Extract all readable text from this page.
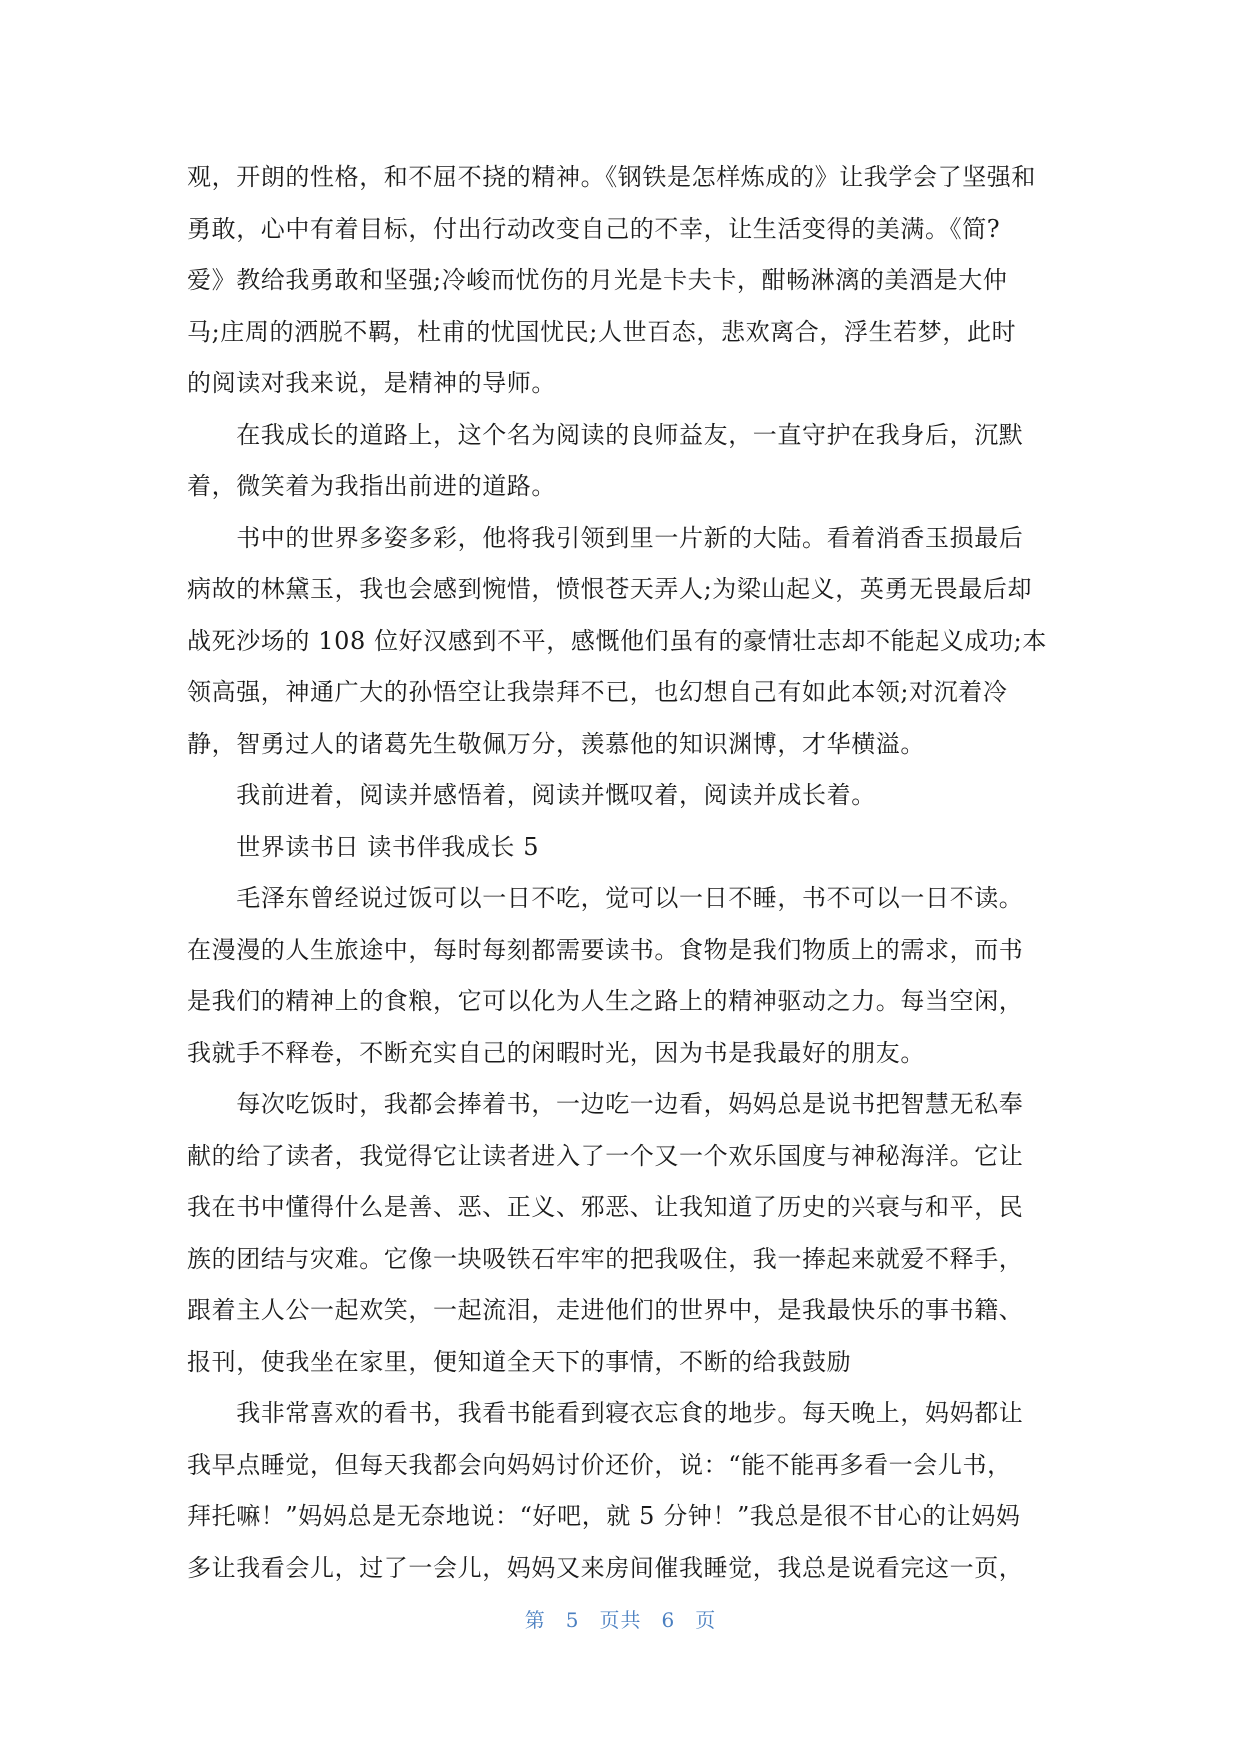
观，开朗的性格，和不屈不挠的精神。《钢铁是怎样炼成的》让我学会了坚强和
勇敢，心中有着目标，付出行动改变自己的不幸，让生活变得的美满。《简?
爱》教给我勇敢和坚强;冷峻而忧伤的月光是卡夫卡，酣畅淋漓的美酒是大仲
马;庄周的洒脱不羁，杜甫的忧国忧民;人世百态，悲欢离合，浮生若梦，此时
的阅读对我来说，是精神的导师。
　　在我成长的道路上，这个名为阅读的良师益友，一直守护在我身后，沉默
着，微笑着为我指出前进的道路。
　　书中的世界多姿多彩，他将我引领到里一片新的大陆。看着消香玉损最后
病故的林黛玉，我也会感到惋惜，愤恨苍天弄人;为梁山起义，英勇无畏最后却
战死沙场的 108 位好汉感到不平，感慨他们虽有的豪情壮志却不能起义成功;本
领高强，神通广大的孙悟空让我崇拜不已，也幻想自己有如此本领;对沉着冷
静，智勇过人的诸葛先生敬佩万分，羡慕他的知识渊博，才华横溢。
　　我前进着，阅读并感悟着，阅读并慨叹着，阅读并成长着。
　　世界读书日 读书伴我成长 5
　　毛泽东曾经说过饭可以一日不吃，觉可以一日不睡，书不可以一日不读。
在漫漫的人生旅途中，每时每刻都需要读书。食物是我们物质上的需求，而书
是我们的精神上的食粮，它可以化为人生之路上的精神驱动之力。每当空闲，
我就手不释卷，不断充实自己的闲暇时光，因为书是我最好的朋友。
　　每次吃饭时，我都会捧着书，一边吃一边看，妈妈总是说书把智慧无私奉
献的给了读者，我觉得它让读者进入了一个又一个欢乐国度与神秘海洋。它让
我在书中懂得什么是善、恶、正义、邪恶、让我知道了历史的兴衰与和平，民
族的团结与灾难。它像一块吸铁石牢牢的把我吸住，我一捧起来就爱不释手，
跟着主人公一起欢笑，一起流泪，走进他们的世界中，是我最快乐的事书籍、
报刊，使我坐在家里，便知道全天下的事情，不断的给我鼓励
　　我非常喜欢的看书，我看书能看到寝衣忘食的地步。每天晚上，妈妈都让
我早点睡觉，但每天我都会向妈妈讨价还价，说：“能不能再多看一会儿书，
拜托嘛！”妈妈总是无奈地说：“好吧，就 5 分钟！”我总是很不甘心的让妈妈
多让我看会儿，过了一会儿，妈妈又来房间催我睡觉，我总是说看完这一页，
第 5 页共 6 页
